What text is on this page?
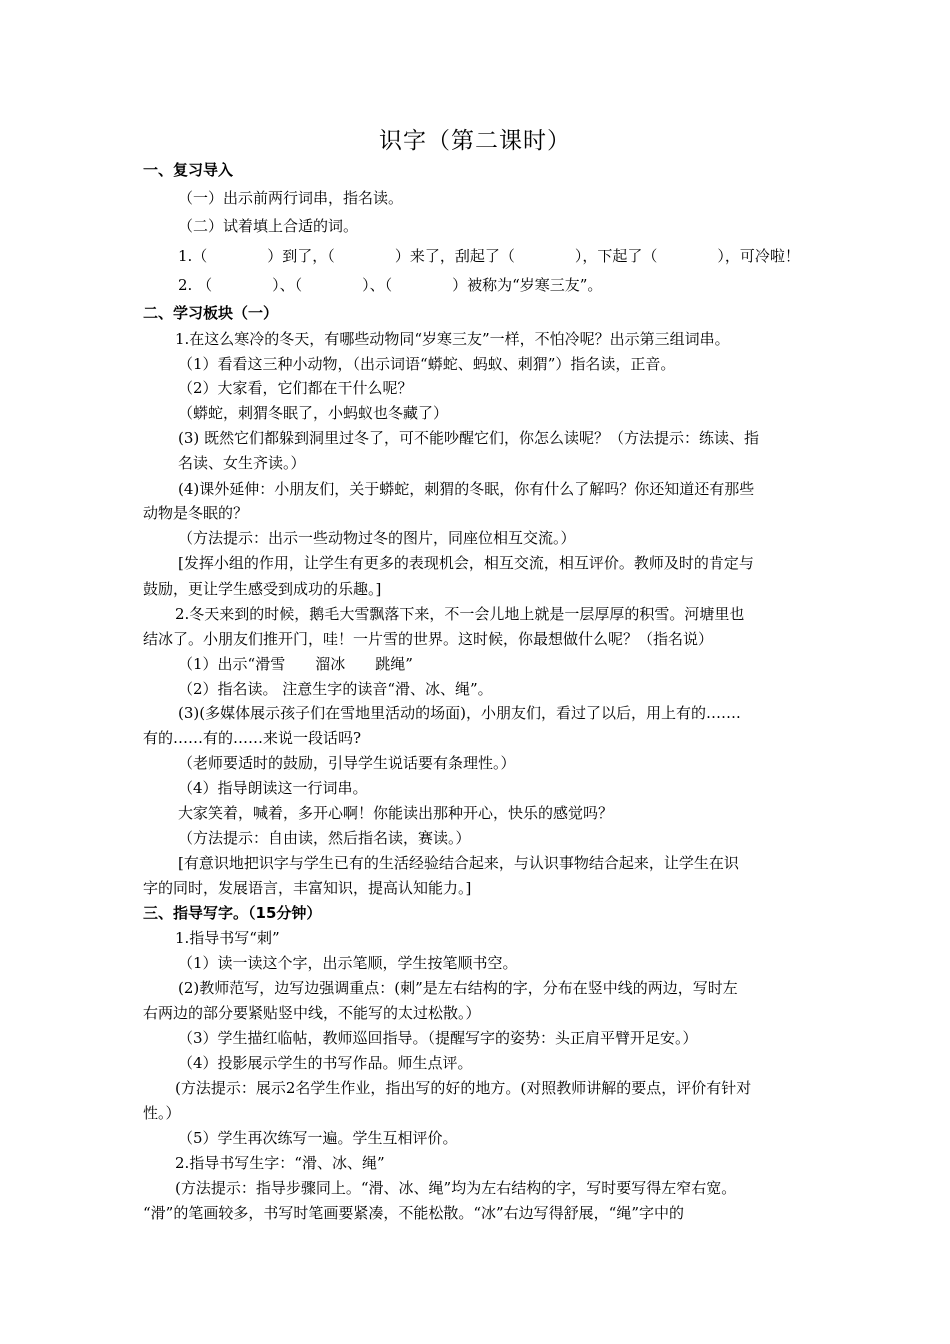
识字（第二课时）
一、复习导入
（一）出示前两行词串，指名读。
（二）试着填上合适的词。
1.（　　　　）到了，（　　　　）来了，刮起了（　　　　），下起了（　　　　），可冷啦！
2. （　　　　）、（　　　　）、（　　　　）被称为“岁寒三友”。
二、学习板块（一）
1.在这么寒冷的冬天，有哪些动物同“岁寒三友”一样，不怕冷呢？出示第三组词串。
（1）看看这三种小动物，（出示词语“蟒蛇、蚂蚁、刺猬”）指名读，正音。
（2）大家看，它们都在干什么呢？
（蟒蛇，刺猬冬眠了，小蚂蚁也冬藏了）
(3) 既然它们都躲到洞里过冬了，可不能吵醒它们，你怎么读呢？（方法提示：练读、指
名读、女生齐读。）
(4)课外延伸：小朋友们，关于蟒蛇，刺猬的冬眠，你有什么了解吗？你还知道还有那些
动物是冬眠的？
（方法提示：出示一些动物过冬的图片，同座位相互交流。）
[发挥小组的作用，让学生有更多的表现机会，相互交流，相互评价。教师及时的肯定与
鼓励，更让学生感受到成功的乐趣。]
2.冬天来到的时候，鹅毛大雪飘落下来，不一会儿地上就是一层厚厚的积雪。河塘里也
结冰了。小朋友们推开门，哇！一片雪的世界。这时候，你最想做什么呢？（指名说）
（1）出示“滑雪　　溜冰　　跳绳”
（2）指名读。 注意生字的读音“滑、冰、绳”。
(3)(多媒体展示孩子们在雪地里活动的场面)，小朋友们，看过了以后，用上有的…….
有的……有的……来说一段话吗?
（老师要适时的鼓励，引导学生说话要有条理性。）
（4）指导朗读这一行词串。
大家笑着，喊着，多开心啊！你能读出那种开心，快乐的感觉吗？
（方法提示：自由读，然后指名读，赛读。）
[有意识地把识字与学生已有的生活经验结合起来，与认识事物结合起来，让学生在识
字的同时，发展语言，丰富知识，提高认知能力。]
三、指导写字。（15分钟）
1.指导书写“刺”
（1）读一读这个字，出示笔顺，学生按笔顺书空。
(2)教师范写，边写边强调重点：(刺”是左右结构的字，分布在竖中线的两边，写时左
右两边的部分要紧贴竖中线，不能写的太过松散。）
（3）学生描红临帖，教师巡回指导。（提醒写字的姿势：头正肩平臂开足安。）
（4）投影展示学生的书写作品。师生点评。
(方法提示：展示2名学生作业，指出写的好的地方。(对照教师讲解的要点，评价有针对
性。）
（5）学生再次练写一遍。学生互相评价。
2.指导书写生字：“滑、冰、绳”
(方法提示：指导步骤同上。“滑、冰、绳”均为左右结构的字，写时要写得左窄右宽。
“滑”的笔画较多，书写时笔画要紧凑，不能松散。“冰”右边写得舒展，“绳”字中的
